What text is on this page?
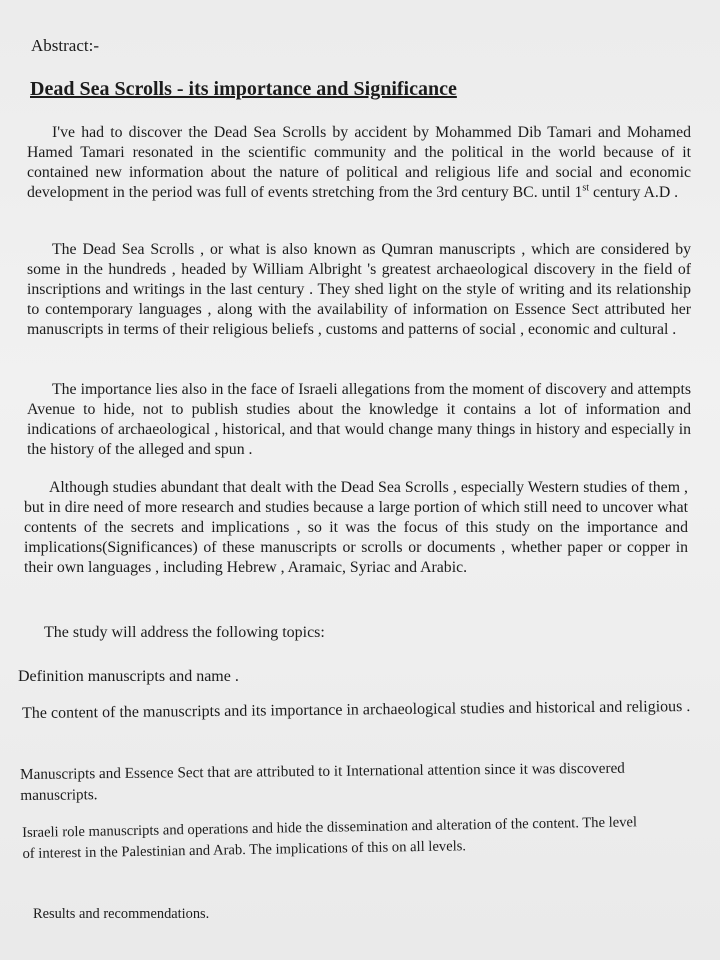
Abstract:-
Dead Sea Scrolls - its importance and Significance

I've had to discover the Dead Sea Scrolls by accident by Mohammed Dib Tamari and Mohamed Hamed Tamari resonated in the scientific community and the political in the world because of it contained new information about the nature of political and religious life and social and economic development in the period was full of events stretching from the 3rd century BC. until 1st century A.D .

The Dead Sea Scrolls , or what is also known as Qumran manuscripts , which are considered by some in the hundreds , headed by William Albright 's greatest archaeological discovery in the field of inscriptions and writings in the last century . They shed light on the style of writing and its relationship to contemporary languages , along with the availability of information on Essence Sect attributed her manuscripts in terms of their religious beliefs , customs and patterns of social , economic and cultural .

The importance lies also in the face of Israeli allegations from the moment of discovery and attempts Avenue to hide, not to publish studies about the knowledge it contains a lot of information and indications of archaeological , historical, and that would change many things in history and especially in the history of the alleged and spun .

Although studies abundant that dealt with the Dead Sea Scrolls , especially Western studies of them , but in dire need of more research and studies because a large portion of which still need to uncover what contents of the secrets and implications , so it was the focus of this study on the importance and implications(Significances) of these manuscripts or scrolls or documents , whether paper or copper in their own languages , including Hebrew , Aramaic, Syriac and Arabic.

The study will address the following topics:

Definition manuscripts and name .

The content of the manuscripts and its importance in archaeological studies and historical and religious .

Manuscripts and Essence Sect that are attributed to it International attention since it was discovered manuscripts.

Israeli role manuscripts and operations and hide the dissemination and alteration of the content. The level of interest in the Palestinian and Arab. The implications of this on all levels.

Results and recommendations.
